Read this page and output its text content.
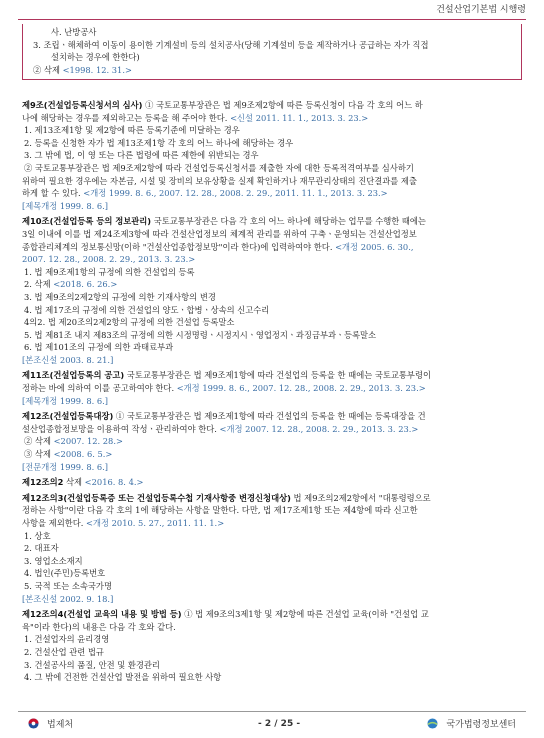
건설산업기본법 시행령

사. 난방공사

3. 조립ㆍ해체하여 이동이 용이한 기계설비 등의 설치공사(당해 기계설비 등을 제작하거나 공급하는 자가 직접

설치하는 경우에 한한다)

② 삭제 <1998. 12. 31.>

제9조(건설업등록신청서의 심사) ① 국토교통부장관은 법 제9조제2항에 따른 등록신청이 다음 각 호의 어느 하

나에 해당하는 경우를 제외하고는 등록을 해 주어야 한다. <신설 2011. 11. 1., 2013. 3. 23.>

1. 제13조제1항 및 제2항에 따른 등록기준에 미달하는 경우

2. 등록을 신청한 자가 법 제13조제1항 각 호의 어느 하나에 해당하는 경우

3. 그 밖에 법, 이 영 또는 다른 법령에 따른 제한에 위반되는 경우

② 국토교통부장관은 법 제9조제2항에 따라 건설업등록신청서를 제출한 자에 대한 등록적격여부를 심사하기

위하여 필요한 경우에는 자본금, 시설 및 장비의 보유상황을 실제 확인하거나 재무관리상태의 진단결과를 제출

하게 할 수 있다. <개정 1999. 8. 6., 2007. 12. 28., 2008. 2. 29., 2011. 11. 1., 2013. 3. 23.>

[제목개정 1999. 8. 6.]

제10조(건설업등록 등의 정보관리) 국토교통부장관은 다음 각 호의 어느 하나에 해당하는 업무를 수행한 때에는

3일 이내에 이를 법 제24조제3항에 따라 건설산업정보의 체계적 관리를 위하여 구축ㆍ운영되는 건설산업정보

종합관리체계의 정보통신망(이하 "건설산업종합정보망"이라 한다)에 입력하여야 한다. <개정 2005. 6. 30.,

2007. 12. 28., 2008. 2. 29., 2013. 3. 23.>

1. 법 제9조제1항의 규정에 의한 건설업의 등록

2. 삭제 <2018. 6. 26.>

3. 법 제9조의2제2항의 규정에 의한 기재사항의 변경

4. 법 제17조의 규정에 의한 건설업의 양도ㆍ합병ㆍ상속의 신고수리

4의2. 법 제20조의2제2항의 규정에 의한 건설업 등록말소

5. 법 제81조 내지 제83조의 규정에 의한 시정명령ㆍ시정지시ㆍ영업정지ㆍ과징금부과ㆍ등록말소

6. 법 제101조의 규정에 의한 과태료부과

[본조신설 2003. 8. 21.]

제11조(건설업등록의 공고) 국토교통부장관은 법 제9조제1항에 따라 건설업의 등록을 한 때에는 국토교통부령이

정하는 바에 의하여 이를 공고하여야 한다. <개정 1999. 8. 6., 2007. 12. 28., 2008. 2. 29., 2013. 3. 23.>

[제목개정 1999. 8. 6.]

제12조(건설업등록대장) ① 국토교통부장관은 법 제9조제1항에 따라 건설업의 등록을 한 때에는 등록대장을 건

설산업종합정보망을 이용하여 작성ㆍ관리하여야 한다. <개정 2007. 12. 28., 2008. 2. 29., 2013. 3. 23.>

② 삭제 <2007. 12. 28.>

③ 삭제 <2008. 6. 5.>

[전문개정 1999. 8. 6.]

제12조의2 삭제 <2016. 8. 4.>

제12조의3(건설업등록증 또는 건설업등록수첩 기재사항중 변경신청대상) 법 제9조의2제2항에서 "대통령령으로

정하는 사항"이란 다음 각 호의 1에 해당하는 사항을 말한다. 다만, 법 제17조제1항 또는 제4항에 따라 신고한

사항을 제외한다. <개정 2010. 5. 27., 2011. 11. 1.>

1. 상호

2. 대표자

3. 영업소소재지

4. 법인(주민)등록번호

5. 국적 또는 소속국가명

[본조신설 2002. 9. 18.]

제12조의4(건설업 교육의 내용 및 방법 등) ① 법 제9조의3제1항 및 제2항에 따른 건설업 교육(이하 "건설업 교

육"이라 한다)의 내용은 다음 각 호와 같다.

1. 건설업자의 윤리경영

2. 건설산업 관련 법규

3. 건설공사의 품질, 안전 및 환경관리

4. 그 밖에 건전한 건설산업 발전을 위하여 필요한 사항

법제처	- 2 / 25 -	국가법령정보센터
